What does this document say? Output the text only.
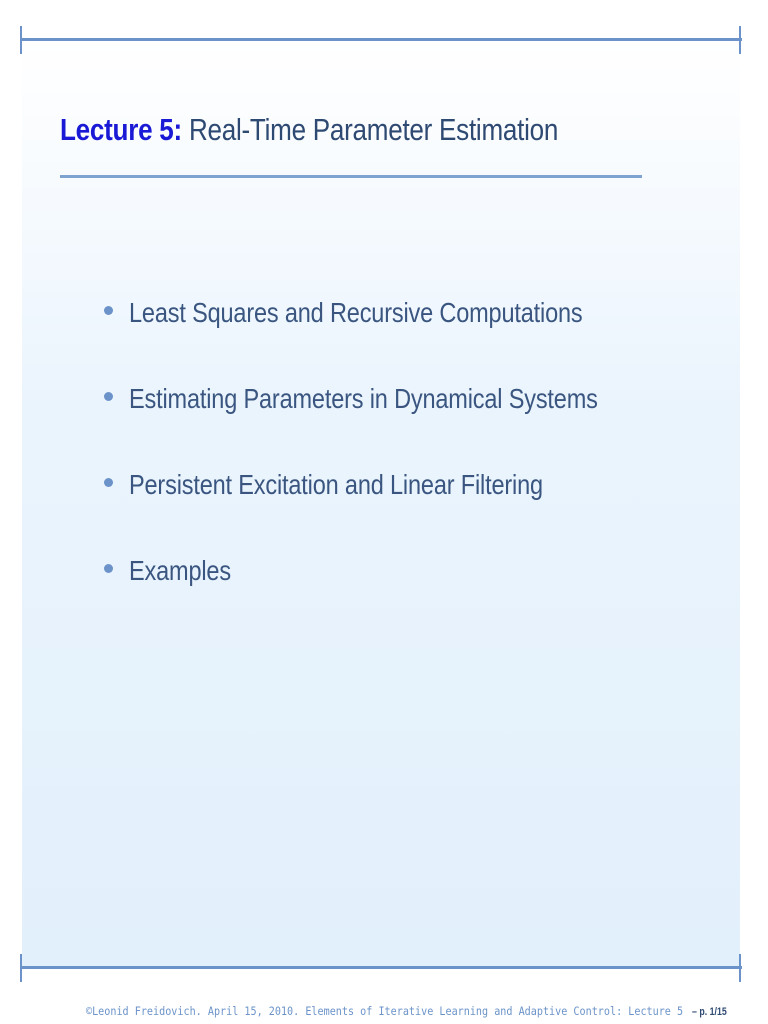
Lecture 5: Real-Time Parameter Estimation
Least Squares and Recursive Computations
Estimating Parameters in Dynamical Systems
Persistent Excitation and Linear Filtering
Examples
©Leonid Freidovich. April 15, 2010. Elements of Iterative Learning and Adaptive Control: Lecture 5 – p. 1/15
